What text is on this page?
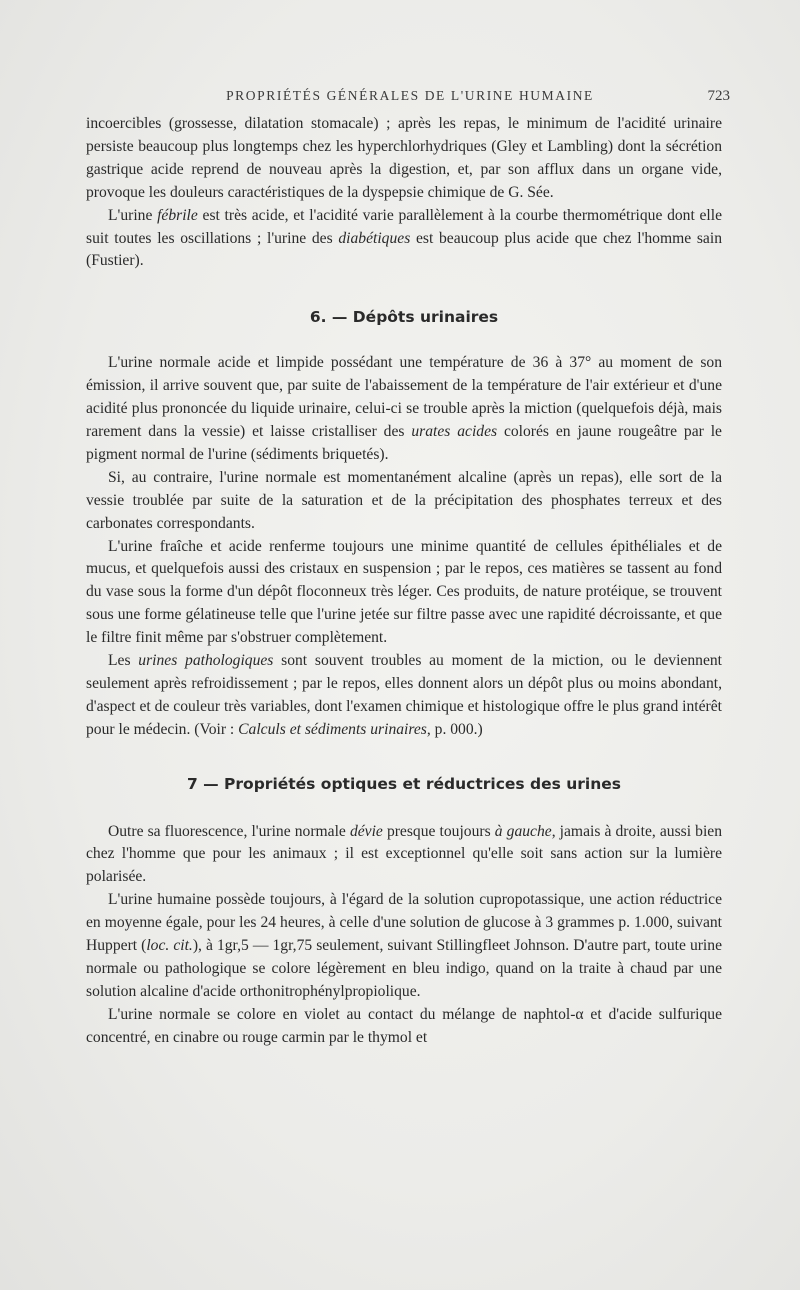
PROPRIÉTÉS GÉNÉRALES DE L'URINE HUMAINE	723

incoercibles (grossesse, dilatation stomacale) ; après les repas, le minimum de l'acidité urinaire persiste beaucoup plus longtemps chez les hyperchlorhydriques (Gley et Lambling) dont la sécrétion gastrique acide reprend de nouveau après la digestion, et, par son afflux dans un organe vide, provoque les douleurs caractéristiques de la dyspepsie chimique de G. Sée.

L'urine fébrile est très acide, et l'acidité varie parallèlement à la courbe thermométrique dont elle suit toutes les oscillations ; l'urine des diabétiques est beaucoup plus acide que chez l'homme sain (Fustier).

6. — Dépôts urinaires

L'urine normale acide et limpide possédant une température de 36 à 37° au moment de son émission, il arrive souvent que, par suite de l'abaissement de la température de l'air extérieur et d'une acidité plus prononcée du liquide urinaire, celui-ci se trouble après la miction (quelquefois déjà, mais rarement dans la vessie) et laisse cristalliser des urates acides colorés en jaune rougeâtre par le pigment normal de l'urine (sédiments briquetés).

Si, au contraire, l'urine normale est momentanément alcaline (après un repas), elle sort de la vessie troublée par suite de la saturation et de la précipitation des phosphates terreux et des carbonates correspondants.

L'urine fraîche et acide renferme toujours une minime quantité de cellules épithéliales et de mucus, et quelquefois aussi des cristaux en suspension ; par le repos, ces matières se tassent au fond du vase sous la forme d'un dépôt floconneux très léger. Ces produits, de nature protéique, se trouvent sous une forme gélatineuse telle que l'urine jetée sur filtre passe avec une rapidité décroissante, et que le filtre finit même par s'obstruer complètement.

Les urines pathologiques sont souvent troubles au moment de la miction, ou le deviennent seulement après refroidissement ; par le repos, elles donnent alors un dépôt plus ou moins abondant, d'aspect et de couleur très variables, dont l'examen chimique et histologique offre le plus grand intérêt pour le médecin. (Voir : Calculs et sédiments urinaires, p. 000.)

7 — Propriétés optiques et réductrices des urines

Outre sa fluorescence, l'urine normale dévie presque toujours à gauche, jamais à droite, aussi bien chez l'homme que pour les animaux ; il est exceptionnel qu'elle soit sans action sur la lumière polarisée.

L'urine humaine possède toujours, à l'égard de la solution cupropotassique, une action réductrice en moyenne égale, pour les 24 heures, à celle d'une solution de glucose à 3 grammes p. 1.000, suivant Huppert (loc. cit.), à 1gr,5 — 1gr,75 seulement, suivant Stillingfleet Johnson. D'autre part, toute urine normale ou pathologique se colore légèrement en bleu indigo, quand on la traite à chaud par une solution alcaline d'acide orthonitrophénylpropiolique.

L'urine normale se colore en violet au contact du mélange de naphtol-α et d'acide sulfurique concentré, en cinabre ou rouge carmin par le thymol et
